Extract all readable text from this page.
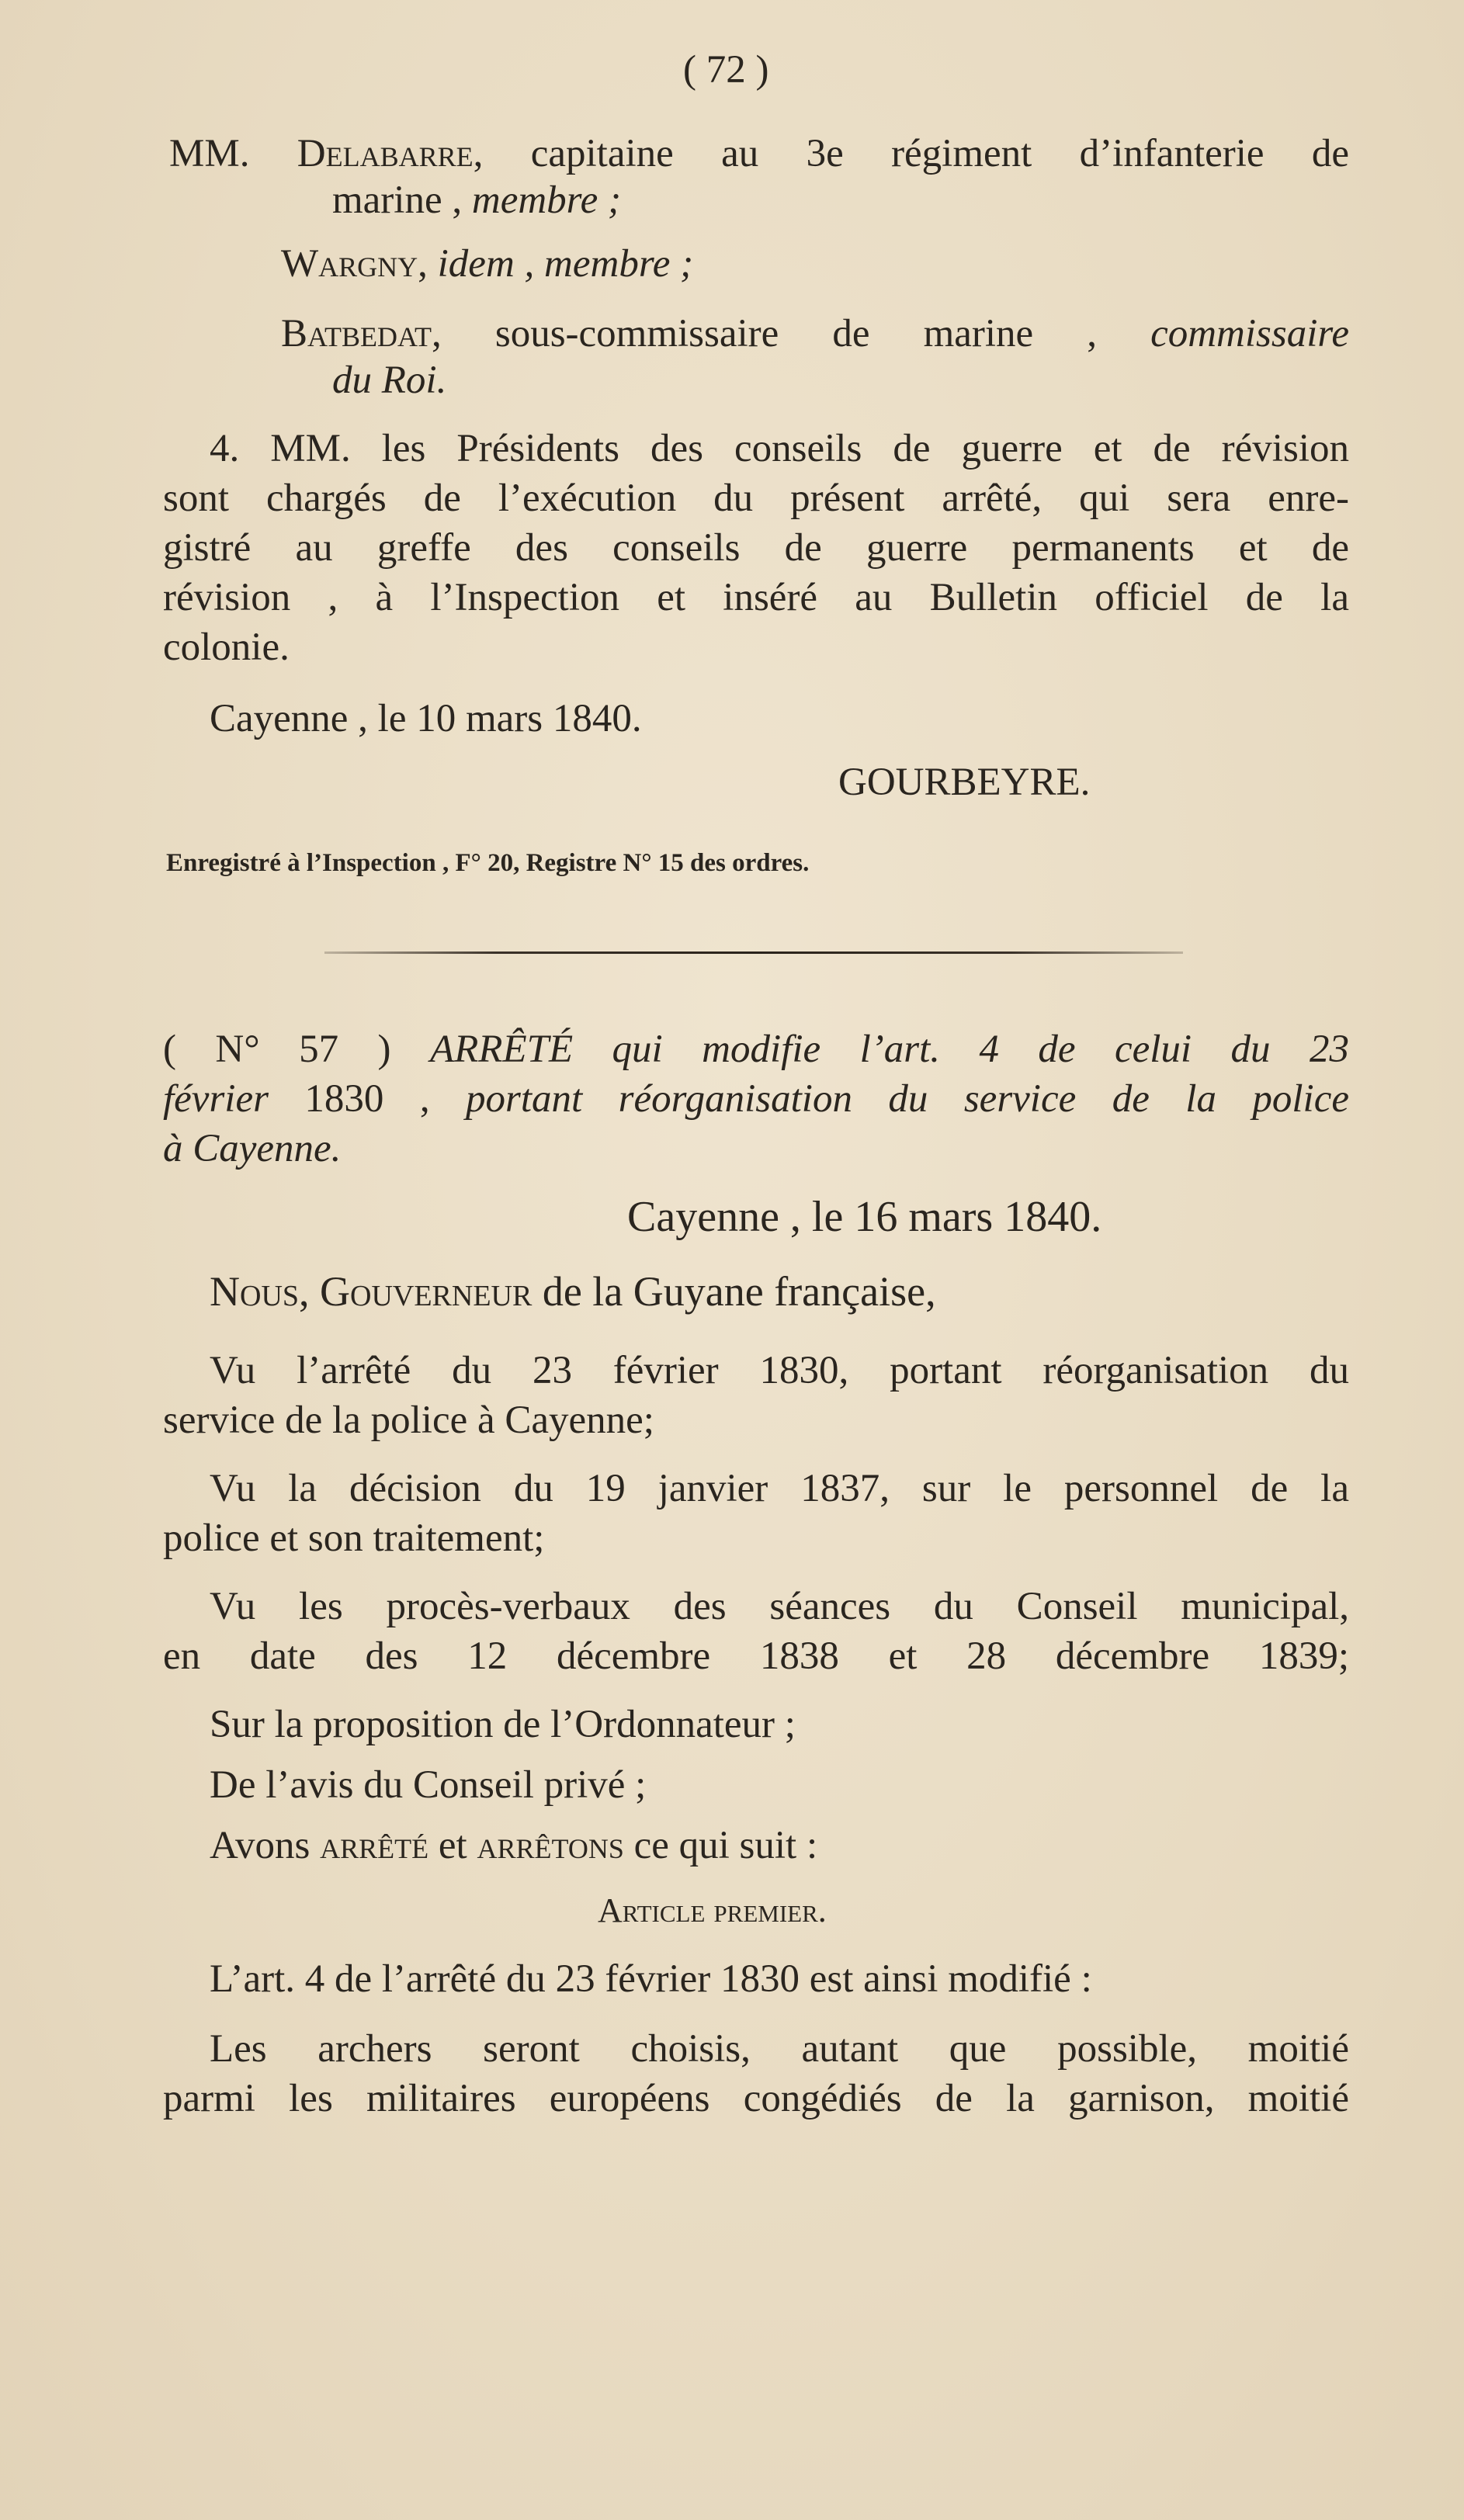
( 72 )
MM. Delabarre, capitaine au 3e régiment d’infanterie de
marine , membre ;
Wargny, idem , membre ;
Batbedat, sous-commissaire de marine , commissaire
du Roi.
4. MM. les Présidents des conseils de guerre et de révision
sont chargés de l’exécution du présent arrêté, qui sera enre-
gistré au greffe des conseils de guerre permanents et de
révision , à l’Inspection et inséré au Bulletin officiel de la
colonie.
Cayenne , le 10 mars 1840.
GOURBEYRE.
Enregistré à l’Inspection , F° 20, Registre N° 15 des ordres.
( N° 57 ) ARRÊTÉ qui modifie l’art. 4 de celui du 23
février 1830 , portant réorganisation du service de la police
à Cayenne.
Cayenne , le 16 mars 1840.
Nous, Gouverneur de la Guyane française,
Vu l’arrêté du 23 février 1830, portant réorganisation du
service de la police à Cayenne;
Vu la décision du 19 janvier 1837, sur le personnel de la
police et son traitement;
Vu les procès-verbaux des séances du Conseil municipal,
en date des 12 décembre 1838 et 28 décembre 1839;
Sur la proposition de l’Ordonnateur ;
De l’avis du Conseil privé ;
Avons arrêté et arrêtons ce qui suit :
Article premier.
L’art. 4 de l’arrêté du 23 février 1830 est ainsi modifié :
Les archers seront choisis, autant que possible, moitié
parmi les militaires européens congédiés de la garnison, moitié
